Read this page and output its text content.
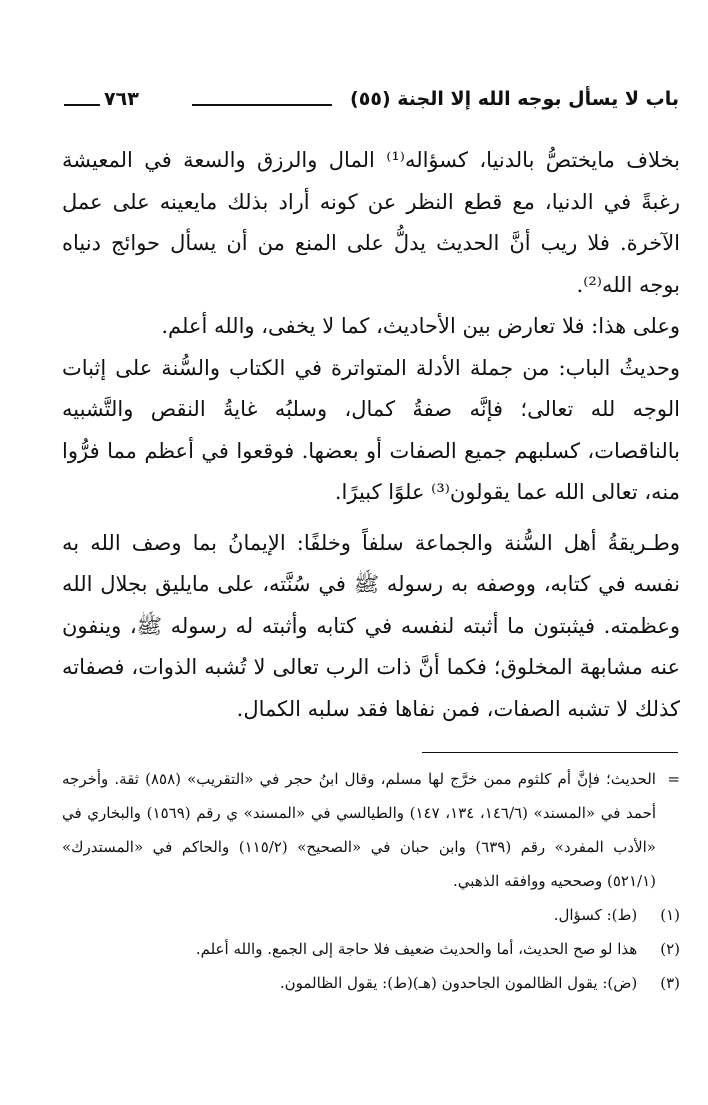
باب لا يسأل بوجه الله إلا الجنة (٥٥)
٧٦٣

بخلاف مايختصُّ بالدنيا، كسؤاله⁽¹⁾ المال والرزق والسعة في المعيشة رغبةً في الدنيا، مع قطع النظر عن كونه أراد بذلك مايعينه على عمل الآخرة. فلا ريب أنَّ الحديث يدلُّ على المنع من أن يسأل حوائج دنياه بوجه الله⁽²⁾.

وعلى هذا: فلا تعارض بين الأحاديث، كما لا يخفى، والله أعلم.

وحديثُ الباب: من جملة الأدلة المتواترة في الكتاب والسُّنة على إثبات الوجه لله تعالى؛ فإنَّه صفةُ كمال، وسلبُه غايةُ النقص والتَّشبيه بالناقصات، كسلبهم جميع الصفات أو بعضها. فوقعوا في أعظم مما فرُّوا منه، تعالى الله عما يقولون⁽³⁾ علوًا كبيرًا.

وطـريقةُ أهل السُّنة والجماعة سلفاً وخلفًا: الإيمانُ بما وصف الله به نفسه في كتابه، ووصفه به رسوله ﷺ في سُنَّته، على مايليق بجلال الله وعظمته. فيثبتون ما أثبته لنفسه في كتابه وأثبته له رسوله ﷺ، وينفون عنه مشابهة المخلوق؛ فكما أنَّ ذات الرب تعالى لا تُشبه الذوات، فصفاته كذلك لا تشبه الصفات، فمن نفاها فقد سلبه الكمال.

=
الحديث؛ فإنَّ أم كلثوم ممن خرَّج لها مسلم، وقال ابنُ حجر في «التقريب» (٨٥٨) ثقة. وأخرجه أحمد في «المسند» (١٤٦/٦، ١٣٤، ١٤٧) والطيالسي في «المسند» ي رقم (١٥٦٩) والبخاري في «الأدب المفرد» رقم (٦٣٩) وابن حبان في «الصحيح» (١١٥/٢) والحاكم في «المستدرك» (٥٢١/١) وصححيه ووافقه الذهبي.

(١) (ط): كسؤال.

(٢) هذا لو صح الحديث، أما والحديث ضعيف فلا حاجة إلى الجمع. والله أعلم.

(٣) (ض): يقول الظالمون الجاحدون (هـ)(ط): يقول الظالمون.
